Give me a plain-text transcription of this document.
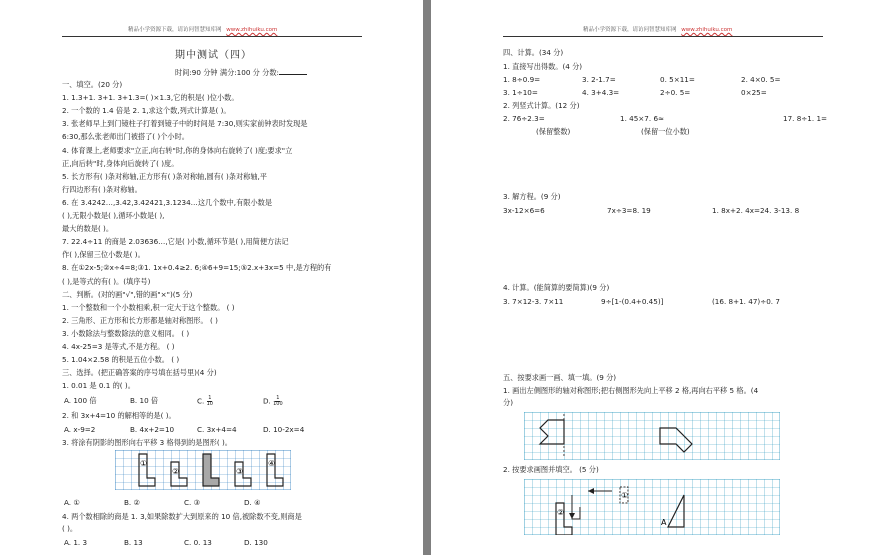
精品小学资源下载，请访问智慧知库网 www.zhihuiku.com
期中测试（四）
时间:90 分钟 满分:100 分 分数:
一、填空。(20 分)
1. 1.3+1. 3+1. 3+1.3=( )×1.3,它的积是( )位小数。
2. 一个数的 1.4 倍是 2. 1,求这个数,列式计算是( )。
3. 张老师早上到门镜柱子打着到镜子中的时间是 7:30,则实家前钟表时发现是
6:30,那么张老师出门被搭了( )个小时。
4. 体育课上,老师要求"立正,向右转"时,你的身体向右旋转了( )度;要求"立
正,向后转"时,身体向后旋转了( )度。
5. 长方形有( )条对称轴,正方形有( )条对称轴,圆有( )条对称轴,平
行四边形有( )条对称轴。
6. 在 3.4242…,3.42,3.42421,3.1234…这几个数中,有限小数是
( ),无限小数是( ),循环小数是( ),
最大的数是( )。
7. 22.4÷11 的商是 2.03636…,它是( )小数,循环节是( ),用简便方法记
作( ),保留三位小数是( )。
8. 在①2x-5;②x÷4=8;③1. 1x+0.4≥2. 6;④6+9=15;⑤2.x+3x=5 中,是方程的有
( ),是等式的有( )。(填序号)
二、判断。(对的画"√",错的画"×")(5 分)
1. 一个整数和一个小数相乘,积一定大于这个整数。 ( )
2. 三角形、正方形和长方形都是轴对称图形。 ( )
3. 小数除法与整数除法的意义相同。 ( )
4. 4x-25=3 是等式,不是方程。 ( )
5. 1.04×2.58 的积是五位小数。 ( )
三、选择。(把正确答案的序号填在括号里)(4 分)
1. 0.01 是 0.1 的( )。
A. 100 倍	B. 10 倍	C. $\frac{1}{10}$	D. $\frac{1}{100}$
2. 和 3x+4=10 的解相等的是( )。
A. x-9=2	B. 4x+2=10	C. 3x+4=4	D. 10-2x=4
3. 将涂有阴影的图形向右平移 3 格得到的是图形( )。
①
②	③
④
A. ①	B. ②	C. ③	D. ④
4. 两个数相除的商是 1. 3,如果除数扩大到原来的 10 倍,被除数不变,则商是
( )。
A. 1. 3	B. 13	C. 0. 13	D. 130
精品小学资源下载，请访问智慧知库网 www.zhihuiku.com
四、计算。(34 分)
1. 直接写出得数。(4 分)
1. 8÷0.9=	3. 2-1.7=	0. 5×11=	2. 4×0. 5=
3. 1÷10=	4. 3+4.3=	2÷0. 5=	0×25=
2. 列竖式计算。(12 分)
2. 76÷2.3=	1. 45×7. 6≈	17. 8÷1. 1=
(保留整数)	(保留一位小数)
3. 解方程。(9 分)
3x-12×6=6	7x÷3=8. 19	1. 8x+2. 4x=24. 3-13. 8
4. 计算。(能简算的要简算)(9 分)
3. 7×12-3. 7×11	9÷[1-(0.4+0.45)]	(16. 8+1. 47)÷0. 7
五、按要求画一画、填一填。(9 分)
1. 画出左侧图形的轴对称图形;把右侧图形先向上平移 2 格,再向右平移 5 格。(4
分)
2. 按要求画图并填空。 (5 分)
①
②
A
